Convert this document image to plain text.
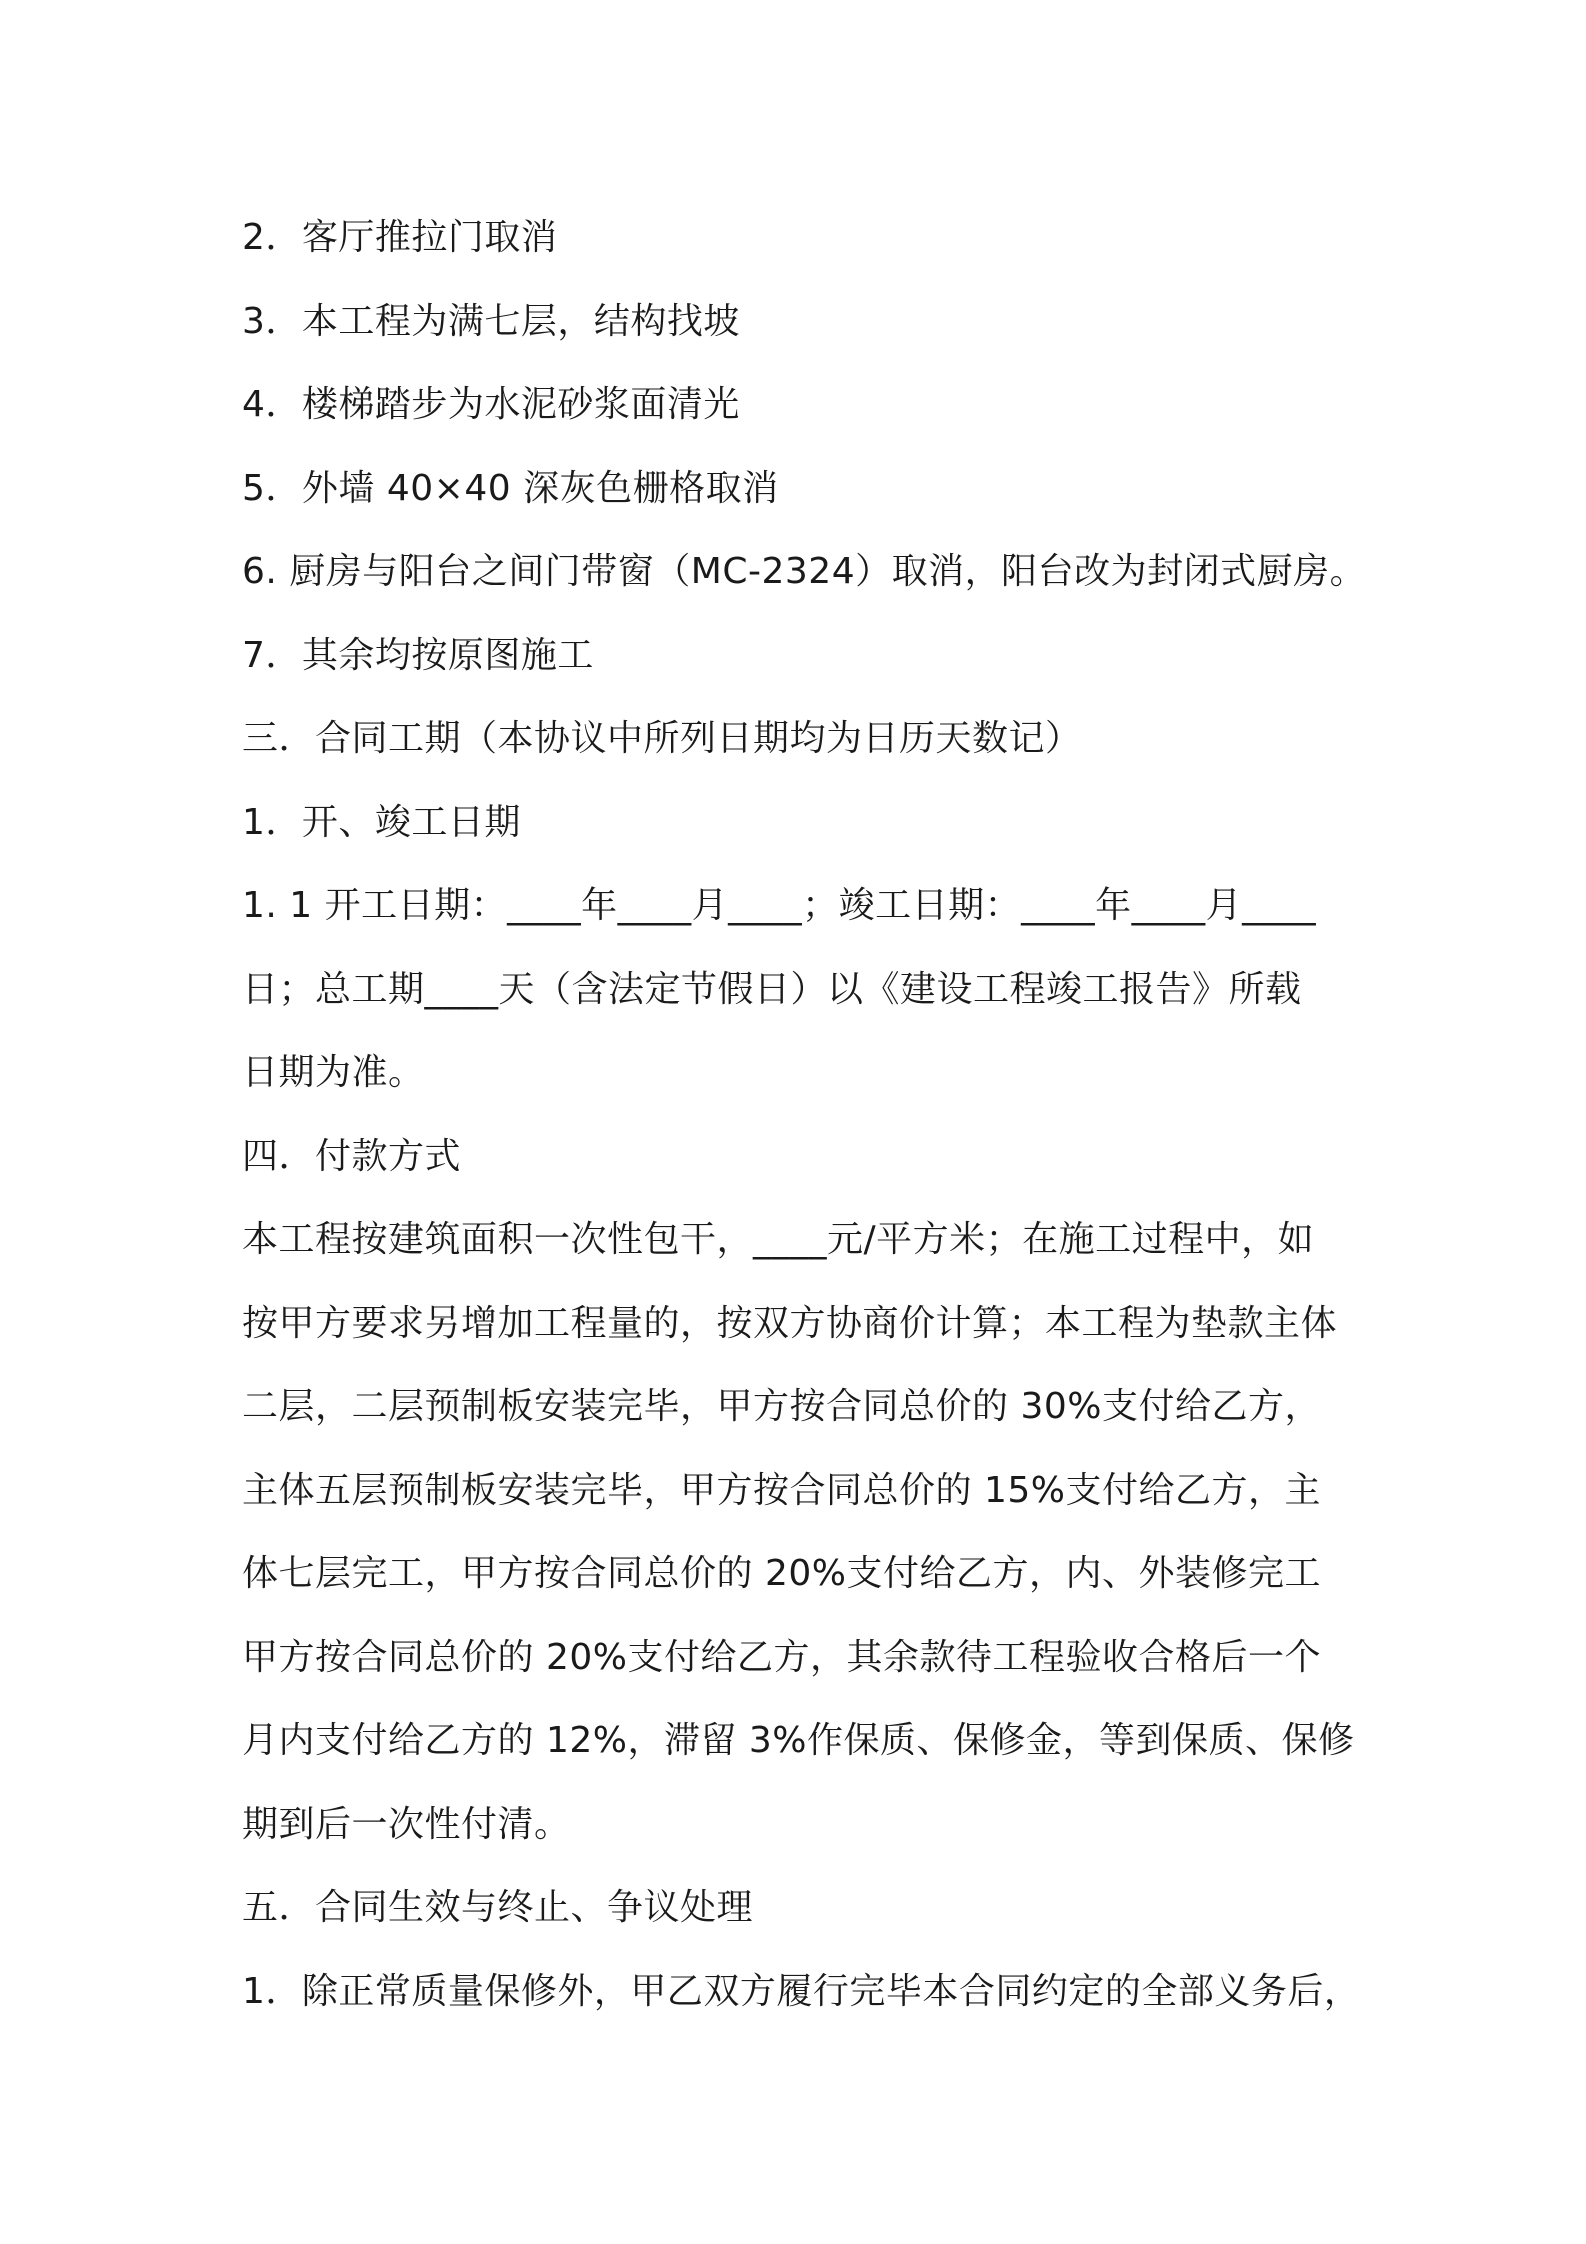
2．客厅推拉门取消
3．本工程为满七层，结构找坡
4．楼梯踏步为水泥砂浆面清光
5．外墙 40×40 深灰色栅格取消
6. 厨房与阳台之间门带窗（MC-2324）取消，阳台改为封闭式厨房。
7．其余均按原图施工
三．合同工期（本协议中所列日期均为日历天数记）
1．开、竣工日期
1. 1 开工日期：____年____月____；竣工日期：____年____月____
日；总工期____天（含法定节假日）以《建设工程竣工报告》所载
日期为准。
四．付款方式
本工程按建筑面积一次性包干，____元/平方米；在施工过程中，如
按甲方要求另增加工程量的，按双方协商价计算；本工程为垫款主体
二层，二层预制板安装完毕，甲方按合同总价的 30%支付给乙方，
主体五层预制板安装完毕，甲方按合同总价的 15%支付给乙方，主
体七层完工，甲方按合同总价的 20%支付给乙方，内、外装修完工
甲方按合同总价的 20%支付给乙方，其余款待工程验收合格后一个
月内支付给乙方的 12%，滞留 3%作保质、保修金，等到保质、保修
期到后一次性付清。
五．合同生效与终止、争议处理
1．除正常质量保修外，甲乙双方履行完毕本合同约定的全部义务后，
